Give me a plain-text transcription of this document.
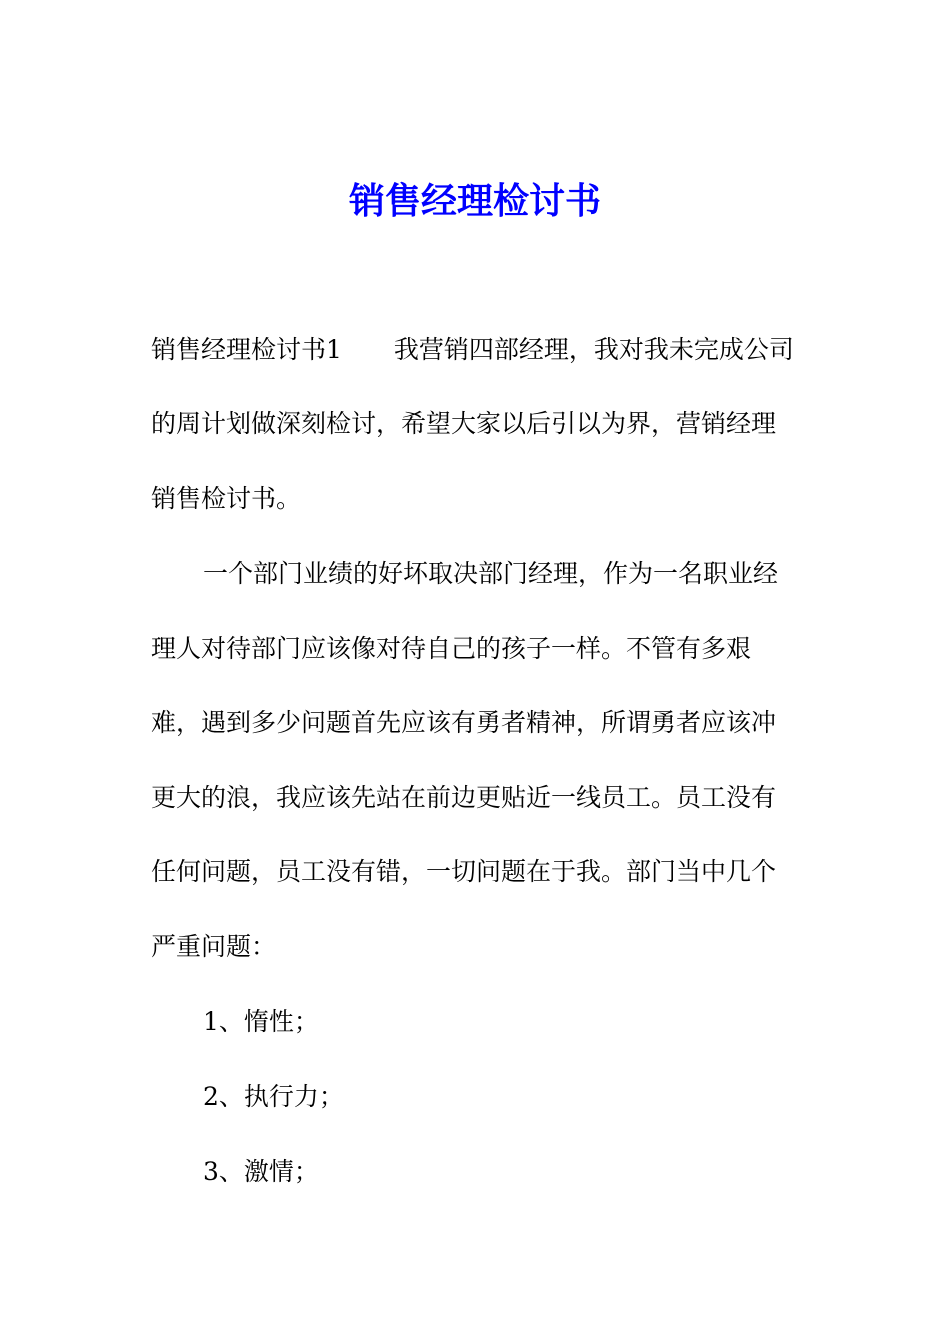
销售经理检讨书

销售经理检讨书1 我营销四部经理，我对我未完成公司

的周计划做深刻检讨，希望大家以后引以为界，营销经理

销售检讨书。

一个部门业绩的好坏取决部门经理，作为一名职业经

理人对待部门应该像对待自己的孩子一样。不管有多艰

难，遇到多少问题首先应该有勇者精神，所谓勇者应该冲

更大的浪，我应该先站在前边更贴近一线员工。员工没有

任何问题，员工没有错，一切问题在于我。部门当中几个

严重问题：

1、惰性；

2、执行力；

3、激情；
